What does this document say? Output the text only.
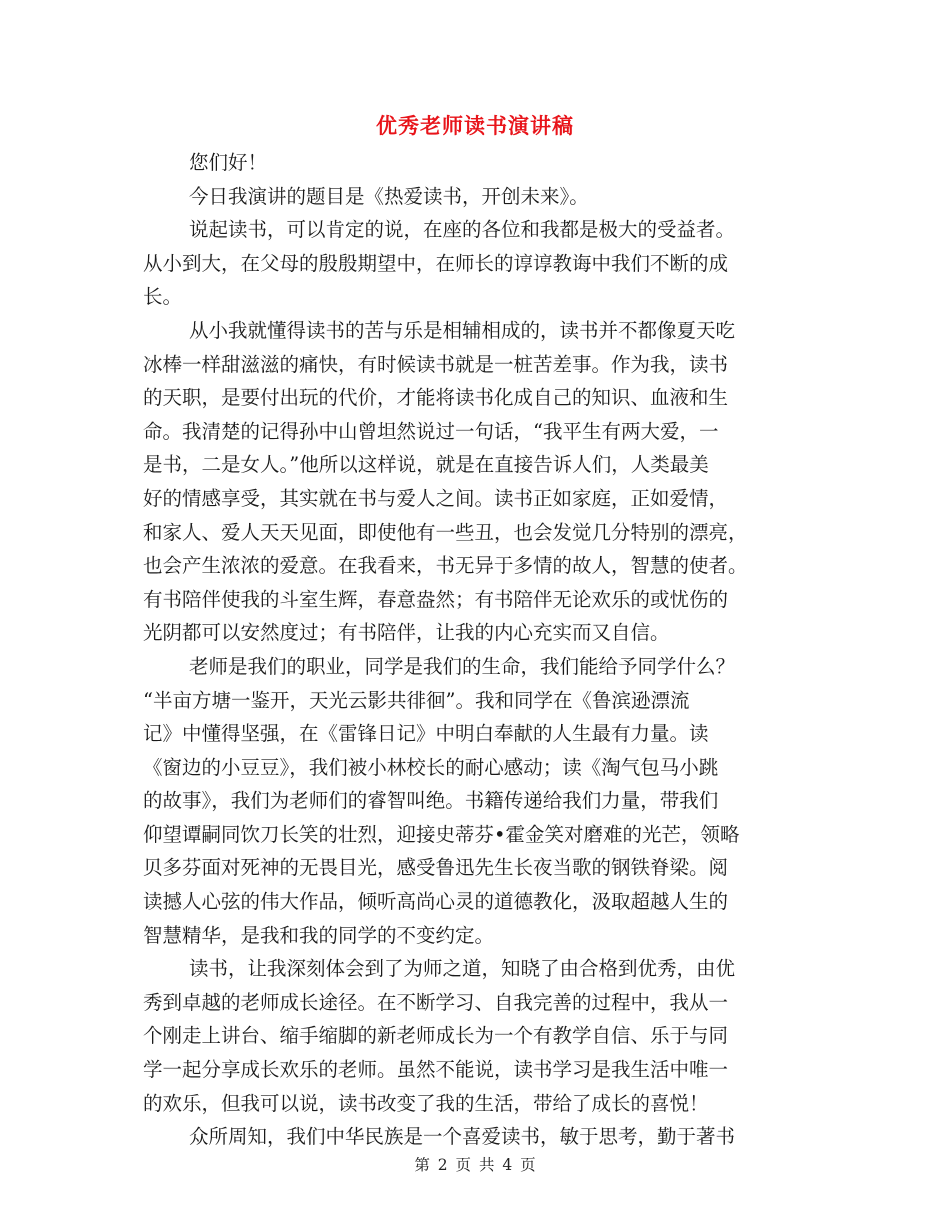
优秀老师读书演讲稿
您们好！
今日我演讲的题目是《热爱读书，开创未来》。
说起读书，可以肯定的说，在座的各位和我都是极大的受益者。
从小到大，在父母的殷殷期望中，在师长的谆谆教诲中我们不断的成
长。
从小我就懂得读书的苦与乐是相辅相成的，读书并不都像夏天吃
冰棒一样甜滋滋的痛快，有时候读书就是一桩苦差事。作为我，读书
的天职，是要付出玩的代价，才能将读书化成自己的知识、血液和生
命。我清楚的记得孙中山曾坦然说过一句话，“我平生有两大爱，一
是书，二是女人。”他所以这样说，就是在直接告诉人们，人类最美
好的情感享受，其实就在书与爱人之间。读书正如家庭，正如爱情，
和家人、爱人天天见面，即使他有一些丑，也会发觉几分特别的漂亮，
也会产生浓浓的爱意。在我看来，书无异于多情的故人，智慧的使者。
有书陪伴使我的斗室生辉，春意盎然；有书陪伴无论欢乐的或忧伤的
光阴都可以安然度过；有书陪伴，让我的内心充实而又自信。
老师是我们的职业，同学是我们的生命，我们能给予同学什么？
“半亩方塘一鉴开，天光云影共徘徊”。我和同学在《鲁滨逊漂流
记》中懂得坚强，在《雷锋日记》中明白奉献的人生最有力量。读
《窗边的小豆豆》，我们被小林校长的耐心感动；读《淘气包马小跳
的故事》，我们为老师们的睿智叫绝。书籍传递给我们力量，带我们
仰望谭嗣同饮刀长笑的壮烈，迎接史蒂芬•霍金笑对磨难的光芒，领略
贝多芬面对死神的无畏目光，感受鲁迅先生长夜当歌的钢铁脊梁。阅
读撼人心弦的伟大作品，倾听高尚心灵的道德教化，汲取超越人生的
智慧精华，是我和我的同学的不变约定。
读书，让我深刻体会到了为师之道，知晓了由合格到优秀，由优
秀到卓越的老师成长途径。在不断学习、自我完善的过程中，我从一
个刚走上讲台、缩手缩脚的新老师成长为一个有教学自信、乐于与同
学一起分享成长欢乐的老师。虽然不能说，读书学习是我生活中唯一
的欢乐，但我可以说，读书改变了我的生活，带给了成长的喜悦！
众所周知，我们中华民族是一个喜爱读书，敏于思考，勤于著书
第 2 页 共 4 页
